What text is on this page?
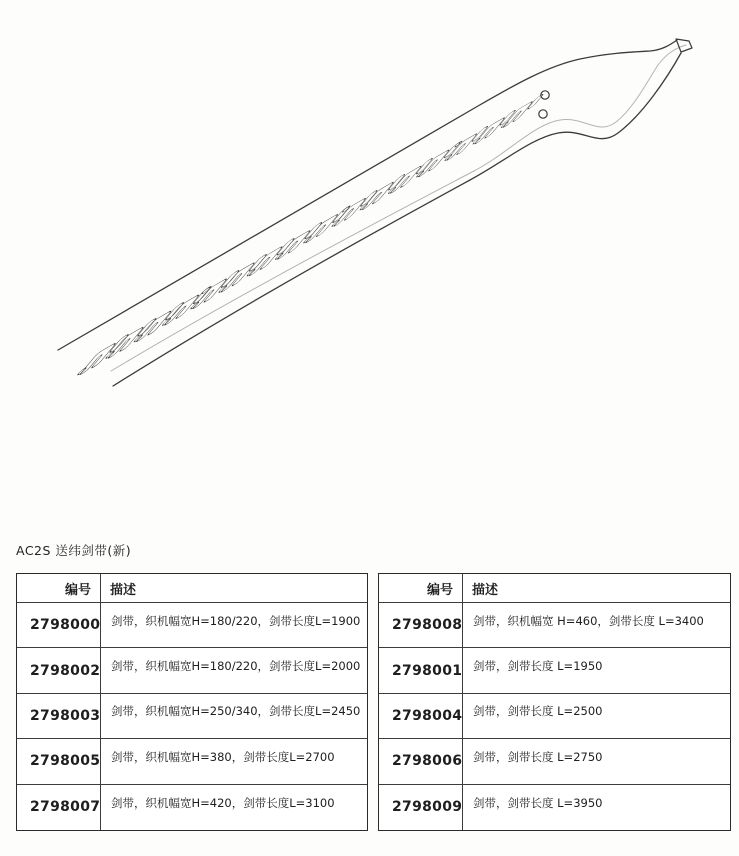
AC2S 送纬剑带(新)
编号	描述
2798000 剑带，织机幅宽H=180/220，剑带长度L=1900
2798002 剑带，织机幅宽H=180/220，剑带长度L=2000
2798003 剑带，织机幅宽H=250/340，剑带长度L=2450
2798005 剑带，织机幅宽H=380，剑带长度L=2700
2798007 剑带，织机幅宽H=420，剑带长度L=3100
编号	描述
2798008 剑带，织机幅宽 H=460，剑带长度 L=3400
2798001 剑带，剑带长度 L=1950
2798004 剑带，剑带长度 L=2500
2798006 剑带，剑带长度 L=2750
2798009 剑带，剑带长度 L=3950
